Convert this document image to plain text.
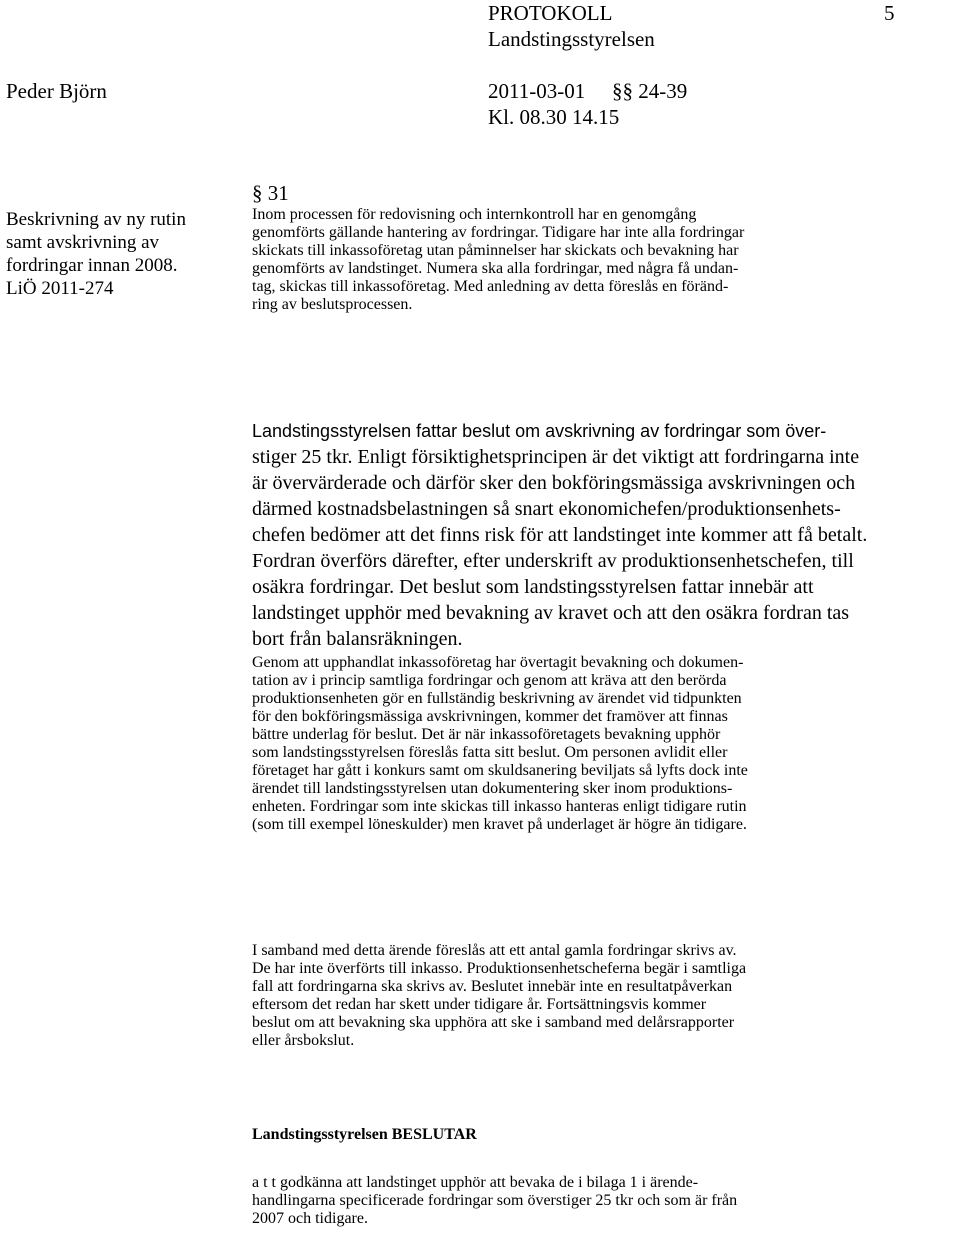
PROTOKOLL	5
Landstingsstyrelsen
Peder Björn	2011-03-01 §§ 24-39
Kl. 08.30 14.15
Beskrivning av ny rutin
samt avskrivning av
fordringar innan 2008.
LiÖ 2011-274
§ 31
Inom processen för redovisning och internkontroll har en genomgång
genomförts gällande hantering av fordringar. Tidigare har inte alla fordringar
skickats till inkassoföretag utan påminnelser har skickats och bevakning har
genomförts av landstinget. Numera ska alla fordringar, med några få undan-
tag, skickas till inkassoföretag. Med anledning av detta föreslås en föränd-
ring av beslutsprocessen.
Landstingsstyrelsen fattar beslut om avskrivning av fordringar som över-
stiger 25 tkr. Enligt försiktighetsprincipen är det viktigt att fordringarna inte
är övervärderade och därför sker den bokföringsmässiga avskrivningen och
därmed kostnadsbelastningen så snart ekonomichefen/produktionsenhets-
chefen bedömer att det finns risk för att landstinget inte kommer att få betalt.
Fordran överförs därefter, efter underskrift av produktionsenhetschefen, till
osäkra fordringar. Det beslut som landstingsstyrelsen fattar innebär att
landstinget upphör med bevakning av kravet och att den osäkra fordran tas
bort från balansräkningen.
Genom att upphandlat inkassoföretag har övertagit bevakning och dokumen-
tation av i princip samtliga fordringar och genom att kräva att den berörda
produktionsenheten gör en fullständig beskrivning av ärendet vid tidpunkten
för den bokföringsmässiga avskrivningen, kommer det framöver att finnas
bättre underlag för beslut. Det är när inkassoföretagets bevakning upphör
som landstingsstyrelsen föreslås fatta sitt beslut. Om personen avlidit eller
företaget har gått i konkurs samt om skuldsanering beviljats så lyfts dock inte
ärendet till landstingsstyrelsen utan dokumentering sker inom produktions-
enheten. Fordringar som inte skickas till inkasso hanteras enligt tidigare rutin
(som till exempel löneskulder) men kravet på underlaget är högre än tidigare.
I samband med detta ärende föreslås att ett antal gamla fordringar skrivs av.
De har inte överförts till inkasso. Produktionsenhetscheferna begär i samtliga
fall att fordringarna ska skrivs av. Beslutet innebär inte en resultatpåverkan
eftersom det redan har skett under tidigare år. Fortsättningsvis kommer
beslut om att bevakning ska upphöra att ske i samband med delårsrapporter
eller årsbokslut.
Landstingsstyrelsen BESLUTAR
a t t godkänna att landstinget upphör att bevaka de i bilaga 1 i ärende-
handlingarna specificerade fordringar som överstiger 25 tkr och som är från
2007 och tidigare.
